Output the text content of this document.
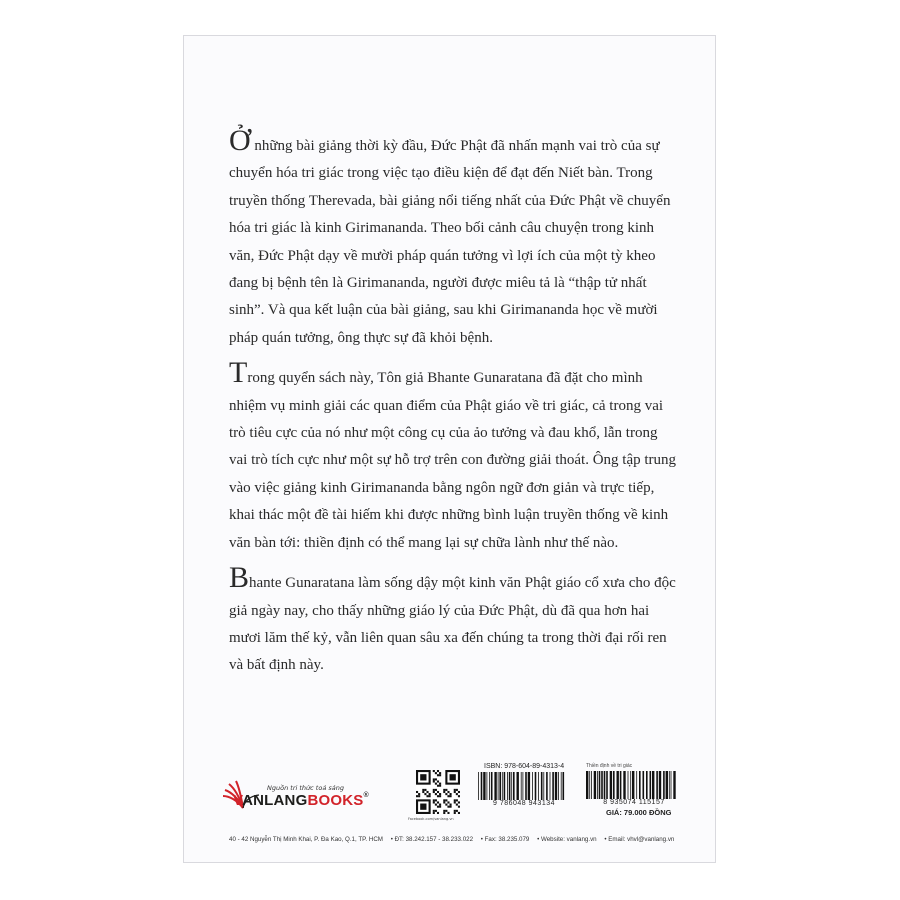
Ở những bài giảng thời kỳ đầu, Đức Phật đã nhấn mạnh vai trò của sự chuyển hóa tri giác trong việc tạo điều kiện để đạt đến Niết bàn. Trong truyền thống Therevada, bài giảng nổi tiếng nhất của Đức Phật về chuyển hóa tri giác là kinh Girimananda. Theo bối cảnh câu chuyện trong kinh văn, Đức Phật dạy về mười pháp quán tưởng vì lợi ích của một tỳ kheo đang bị bệnh tên là Girimananda, người được miêu tả là “thập tử nhất sinh”. Và qua kết luận của bài giảng, sau khi Girimananda học về mười pháp quán tưởng, ông thực sự đã khỏi bệnh.

Trong quyển sách này, Tôn giả Bhante Gunaratana đã đặt cho mình nhiệm vụ minh giải các quan điểm của Phật giáo về tri giác, cả trong vai trò tiêu cực của nó như một công cụ của ảo tưởng và đau khổ, lẫn trong vai trò tích cực như một sự hỗ trợ trên con đường giải thoát. Ông tập trung vào việc giảng kinh Girimananda bằng ngôn ngữ đơn giản và trực tiếp, khai thác một đề tài hiếm khi được những bình luận truyền thống về kinh văn bàn tới: thiền định có thể mang lại sự chữa lành như thế nào.

Bhante Gunaratana làm sống dậy một kinh văn Phật giáo cổ xưa cho độc giả ngày nay, cho thấy những giáo lý của Đức Phật, dù đã qua hơn hai mươi lăm thế kỷ, vẫn liên quan sâu xa đến chúng ta trong thời đại rối ren và bất định này.

Nguồn tri thức toả sáng
VANLANGBOOKS®
Facebook.com/vanlang.vn
ISBN: 978-604-89-4313-4
9 786048 943134
Thiền định về tri giác
8 935074 115157
GIÁ: 79.000 ĐỒNG
40 - 42 Nguyễn Thị Minh Khai, P. Đa Kao, Q.1, TP. HCM • ĐT: 38.242.157 - 38.233.022 • Fax: 38.235.079 • Website: vanlang.vn • Email: vhvl@vanlang.vn
